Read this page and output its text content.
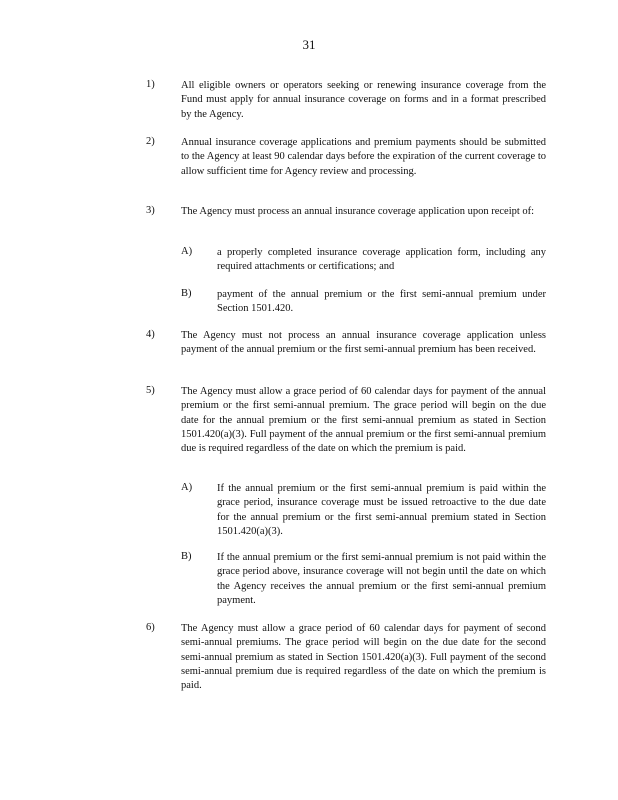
31
1)	All eligible owners or operators seeking or renewing insurance coverage from the Fund must apply for annual insurance coverage on forms and in a format prescribed by the Agency.
2)	Annual insurance coverage applications and premium payments should be submitted to the Agency at least 90 calendar days before the expiration of the current coverage to allow sufficient time for Agency review and processing.
3)	The Agency must process an annual insurance coverage application upon receipt of:
A) a properly completed insurance coverage application form, including any required attachments or certifications; and
B) payment of the annual premium or the first semi-annual premium under Section 1501.420.
4)	The Agency must not process an annual insurance coverage application unless payment of the annual premium or the first semi-annual premium has been received.
5)	The Agency must allow a grace period of 60 calendar days for payment of the annual premium or the first semi-annual premium. The grace period will begin on the due date for the annual premium or the first semi-annual premium as stated in Section 1501.420(a)(3). Full payment of the annual premium or the first semi-annual premium due is required regardless of the date on which the premium is paid.
A) If the annual premium or the first semi-annual premium is paid within the grace period, insurance coverage must be issued retroactive to the due date for the annual premium or the first semi-annual premium stated in Section 1501.420(a)(3).
B) If the annual premium or the first semi-annual premium is not paid within the grace period above, insurance coverage will not begin until the date on which the Agency receives the annual premium or the first semi-annual premium payment.
6)	The Agency must allow a grace period of 60 calendar days for payment of second semi-annual premiums. The grace period will begin on the due date for the second semi-annual premium as stated in Section 1501.420(a)(3). Full payment of the second semi-annual premium due is required regardless of the date on which the premium is paid.
